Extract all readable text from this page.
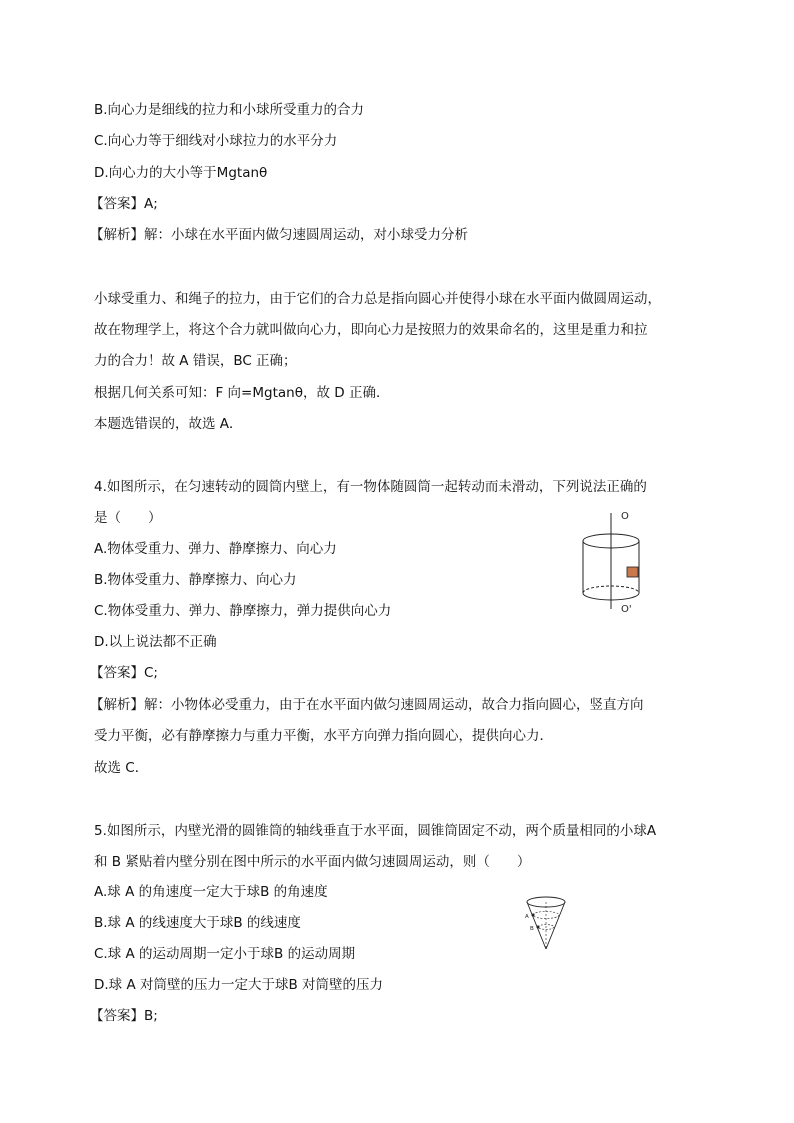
B.向心力是细线的拉力和小球所受重力的合力
C.向心力等于细线对小球拉力的水平分力
D.向心力的大小等于Mgtanθ
【答案】A;
【解析】解：小球在水平面内做匀速圆周运动，对小球受力分析
小球受重力、和绳子的拉力，由于它们的合力总是指向圆心并使得小球在水平面内做圆周运动，
故在物理学上，将这个合力就叫做向心力，即向心力是按照力的效果命名的，这里是重力和拉
力的合力！故 A 错误，BC 正确；
根据几何关系可知：F 向=Mgtanθ，故 D 正确．
本题选错误的，故选 A．
4.如图所示，在匀速转动的圆筒内壁上，有一物体随圆筒一起转动而未滑动，下列说法正确的
是（　　）
A.物体受重力、弹力、静摩擦力、向心力
B.物体受重力、静摩擦力、向心力
C.物体受重力、弹力、静摩擦力，弹力提供向心力
D.以上说法都不正确
【答案】C;
【解析】解：小物体必受重力，由于在水平面内做匀速圆周运动，故合力指向圆心，竖直方向
受力平衡，必有静摩擦力与重力平衡，水平方向弹力指向圆心，提供向心力．
故选 C．
O
O'
5.如图所示，内壁光滑的圆锥筒的轴线垂直于水平面，圆锥筒固定不动，两个质量相同的小球A
和 B 紧贴着内壁分别在图中所示的水平面内做匀速圆周运动，则（　　）
A.球 A 的角速度一定大于球B 的角速度
B.球 A 的线速度大于球B 的线速度
C.球 A 的运动周期一定小于球B 的运动周期
D.球 A 对筒壁的压力一定大于球B 对筒壁的压力
【答案】B;
A
B
